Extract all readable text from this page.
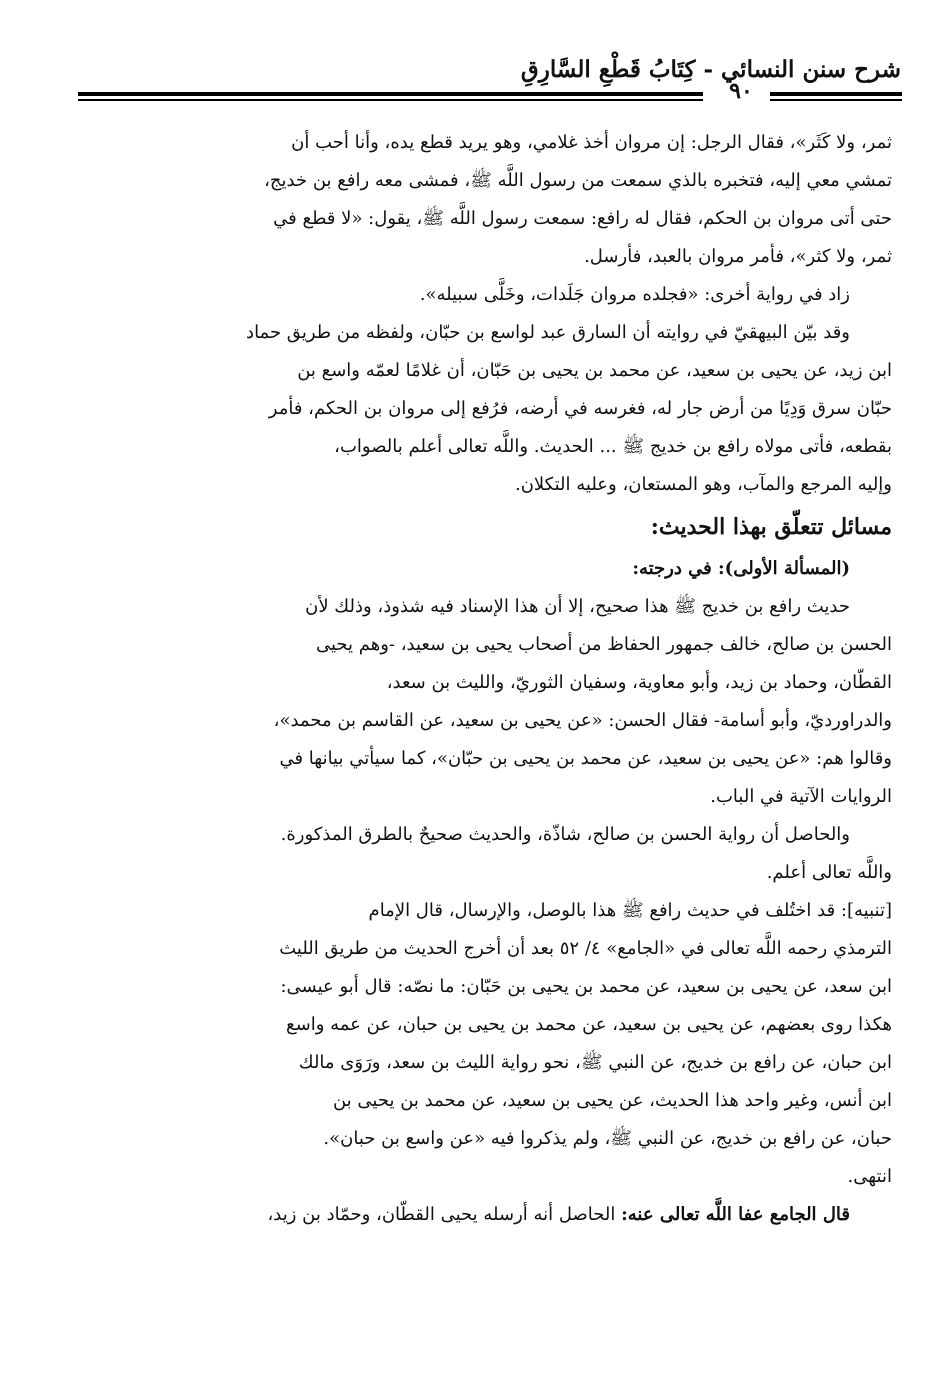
شرح سنن النسائي - كِتَابُ قَطْعِ السَّارِقِ
٩٠
ثمر، ولا كَثَر»، فقال الرجل: إن مروان أخذ غلامي، وهو يريد قطع يده، وأنا أحب أن
تمشي معي إليه، فتخبره بالذي سمعت من رسول اللَّه ﷺ، فمشى معه رافع بن خديج،
حتى أتى مروان بن الحكم، فقال له رافع: سمعت رسول اللَّه ﷺ، يقول: «لا قطع في
ثمر، ولا كثر»، فأمر مروان بالعبد، فأرسل.
زاد في رواية أخرى: «فجلده مروان جَلَدات، وخَلَّى سبيله».
وقد بيّن البيهقيّ في روايته أن السارق عبد لواسع بن حبّان، ولفظه من طريق حماد
ابن زيد، عن يحيى بن سعيد، عن محمد بن يحيى بن حَبّان، أن غلامًا لعمّه واسع بن
حبّان سرق وَدِيًا من أرض جار له، فغرسه في أرضه، فرُفع إلى مروان بن الحكم، فأمر
بقطعه، فأتى مولاه رافع بن خديج ﷺ ... الحديث. واللَّه تعالى أعلم بالصواب،
وإليه المرجع والمآب، وهو المستعان، وعليه التكلان.
مسائل تتعلّق بهذا الحديث:
(المسألة الأولى): في درجته:
حديث رافع بن خديج ﷺ هذا صحيح، إلا أن هذا الإسناد فيه شذوذ، وذلك لأن
الحسن بن صالح، خالف جمهور الحفاظ من أصحاب يحيى بن سعيد، -وهم يحيى
القطّان، وحماد بن زيد، وأبو معاوية، وسفيان الثوريّ، والليث بن سعد،
والدراورديّ، وأبو أسامة- فقال الحسن: «عن يحيى بن سعيد، عن القاسم بن محمد»،
وقالوا هم: «عن يحيى بن سعيد، عن محمد بن يحيى بن حبّان»، كما سيأتي بيانها في
الروايات الآتية في الباب.
والحاصل أن رواية الحسن بن صالح، شاذّة، والحديث صحيحٌ بالطرق المذكورة.
واللَّه تعالى أعلم.
[تنبيه]: قد اختُلف في حديث رافع ﷺ هذا بالوصل، والإرسال، قال الإمام
الترمذي رحمه اللَّه تعالى في «الجامع» ٤/ ٥٢ بعد أن أخرج الحديث من طريق الليث
ابن سعد، عن يحيى بن سعيد، عن محمد بن يحيى بن حَبّان: ما نصّه: قال أبو عيسى:
هكذا روى بعضهم، عن يحيى بن سعيد، عن محمد بن يحيى بن حبان، عن عمه واسع
ابن حبان، عن رافع بن خديج، عن النبي ﷺ، نحو رواية الليث بن سعد، ورَوَى مالك
ابن أنس، وغير واحد هذا الحديث، عن يحيى بن سعيد، عن محمد بن يحيى بن
حبان، عن رافع بن خديج، عن النبي ﷺ، ولم يذكروا فيه «عن واسع بن حبان».
انتهى.
قال الجامع عفا اللَّه تعالى عنه: الحاصل أنه أرسله يحيى القطّان، وحمّاد بن زيد،
